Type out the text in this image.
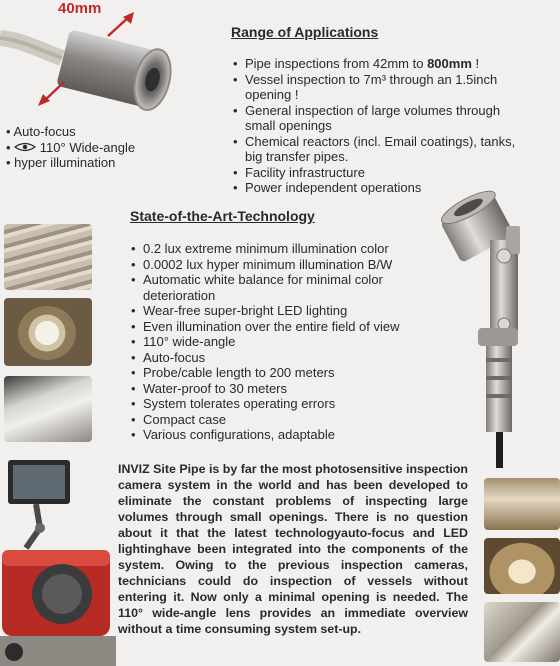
40mm
• Auto-focus
•  110° Wide-angle
• hyper illumination
Range of Applications
• Pipe inspections from 42mm to 800mm !
• Vessel inspection to 7m³ through an 1.5inch opening !
• General inspection of large volumes through small openings
• Chemical reactors (incl. Email coatings), tanks, big transfer pipes.
• Facility infrastructure
• Power independent operations
State-of-the-Art-Technology
• 0.2 lux extreme minimum illumination color
• 0.0002 lux hyper minimum illumination B/W
• Automatic white balance for minimal color deterioration
• Wear-free super-bright LED lighting
• Even illumination over the entire field of view
• 110° wide-angle
• Auto-focus
• Probe/cable length to 200 meters
• Water-proof to 30 meters
• System tolerates operating errors
• Compact case
• Various configurations, adaptable
INVIZ Site Pipe is by far the most photosensitive inspection camera system in the world and has been developed to eliminate the constant problems of inspecting large volumes through small openings. There is no question about it that the latest technologyauto-focus and LED lightinghave been integrated into the components of the system. Owing to the previous inspection cameras, technicians could do inspection of vessels without entering it. Now only a minimal opening is needed. The 110° wide-angle lens provides an immediate overview without a time consuming system set-up.
